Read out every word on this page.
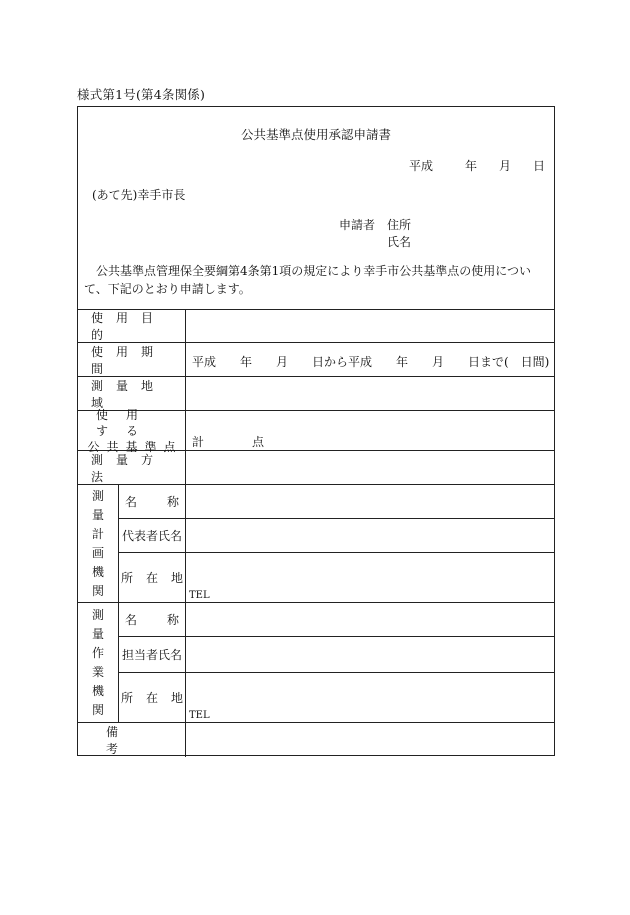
様式第1号(第4条関係)
公共基準点使用承認申請書
平成	年 月 日
(あて先)幸手市長
申請者 住所
氏名
公共基準点管理保全要綱第4条第1項の規定により幸手市公共基準点の使用について、下記のとおり申請します。
使用目的
使用期間	平成　　年　　月　　日から平成　　年　　月　　日まで(　日間)
測量地域
使用する
公共基準点 計　　　　点
測量方法
測
量
計
画
機
関
名称
代表者氏名
所在地
TEL
測
量
作
業
機
関
名称
担当者氏名
所在地
TEL
備考
